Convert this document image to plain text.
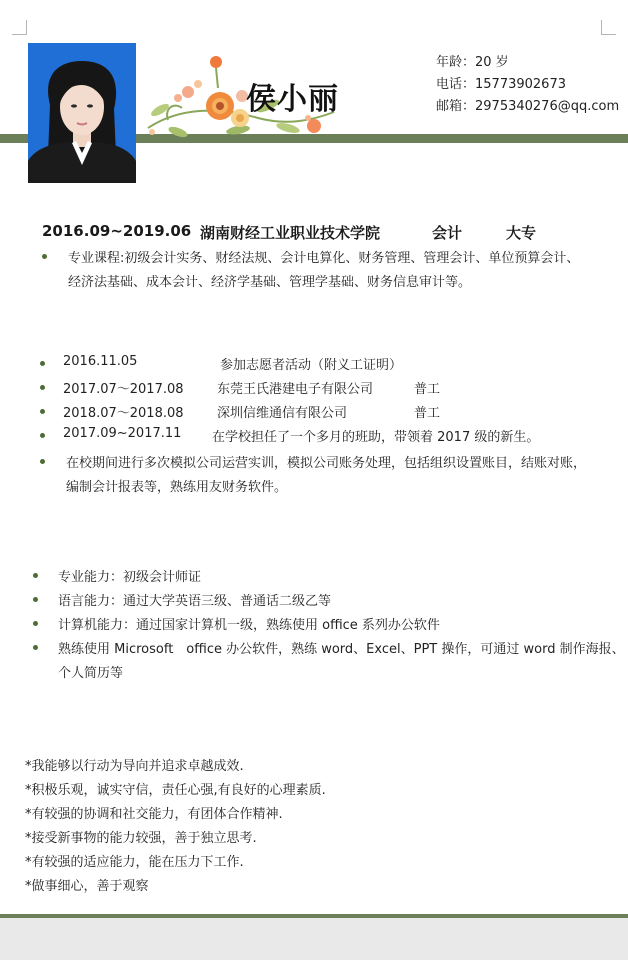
侯小丽
年龄：20 岁
电话：15773902673
邮箱：2975340276@qq.com
2016.09~2019.06 湖南财经工业职业技术学院	会计	大专
专业课程:初级会计实务、财经法规、会计电算化、财务管理、管理会计、单位预算会计、
经济法基础、成本会计、经济学基础、管理学基础、财务信息审计等。
2016.11.05	参加志愿者活动（附义工证明）
2017.07～2017.08	东莞王氏港建电子有限公司	普工
2018.07～2018.08	深圳信维通信有限公司	普工
2017.09~2017.11 在学校担任了一个多月的班助，带领着 2017 级的新生。
在校期间进行多次模拟公司运营实训，模拟公司账务处理，包括组织设置账目，结账对账，
编制会计报表等，熟练用友财务软件。
专业能力：初级会计师证
语言能力：通过大学英语三级、普通话二级乙等
计算机能力：通过国家计算机一级，熟练使用 office 系列办公软件
熟练使用 Microsoft　office 办公软件，熟练 word、Excel、PPT 操作，可通过 word 制作海报、
个人简历等
*我能够以行动为导向并追求卓越成效.
*积极乐观，诚实守信，责任心强,有良好的心理素质.
*有较强的协调和社交能力，有团体合作精神.
*接受新事物的能力较强，善于独立思考.
*有较强的适应能力，能在压力下工作.
*做事细心，善于观察
